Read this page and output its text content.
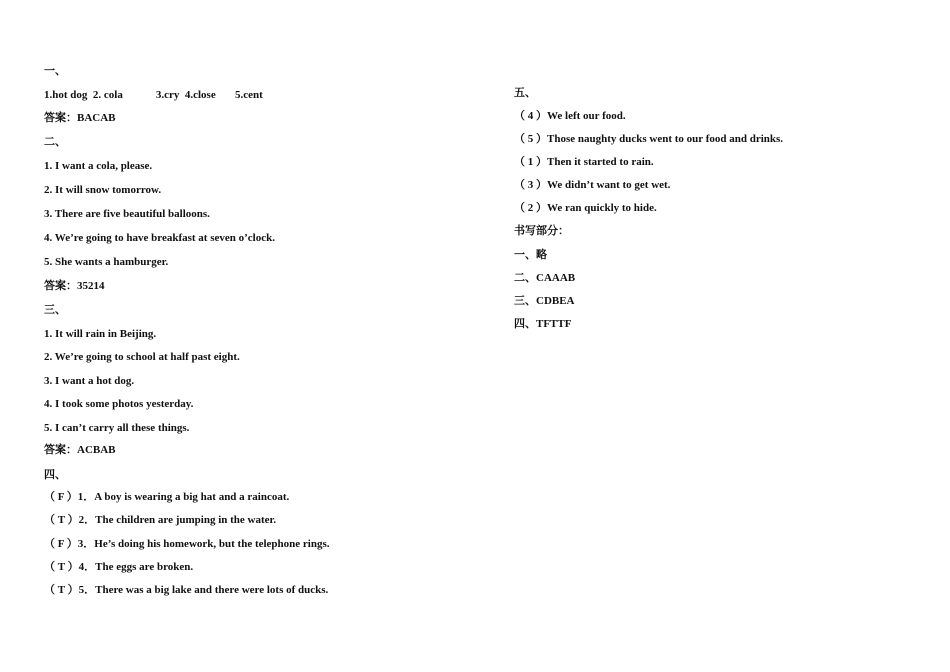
一、
1.hot dog  2. cola            3.cry  4.close       5.cent
答案：BACAB
二、
1. I want a cola, please.
2. It will snow tomorrow.
3. There are five beautiful balloons.
4. We’re going to have breakfast at seven o’clock.
5. She wants a hamburger.
答案：35214
三、
1. It will rain in Beijing.
2. We’re going to school at half past eight.
3. I want a hot dog.
4. I took some photos yesterday.
5. I can’t carry all these things.
答案：ACBAB
四、
（ F ）1．A boy is wearing a big hat and a raincoat.
（ T ）2．The children are jumping in the water.
（ F ）3．He’s doing his homework, but the telephone rings.
（ T ）4．The eggs are broken.
（ T ）5．There was a big lake and there were lots of ducks.
五、
（ 4 ）We left our food.
（ 5 ）Those naughty ducks went to our food and drinks.
（ 1 ）Then it started to rain.
（ 3 ）We didn’t want to get wet.
（ 2 ）We ran quickly to hide.
书写部分：
一、略
二、CAAAB
三、CDBEA
四、TFTTF
